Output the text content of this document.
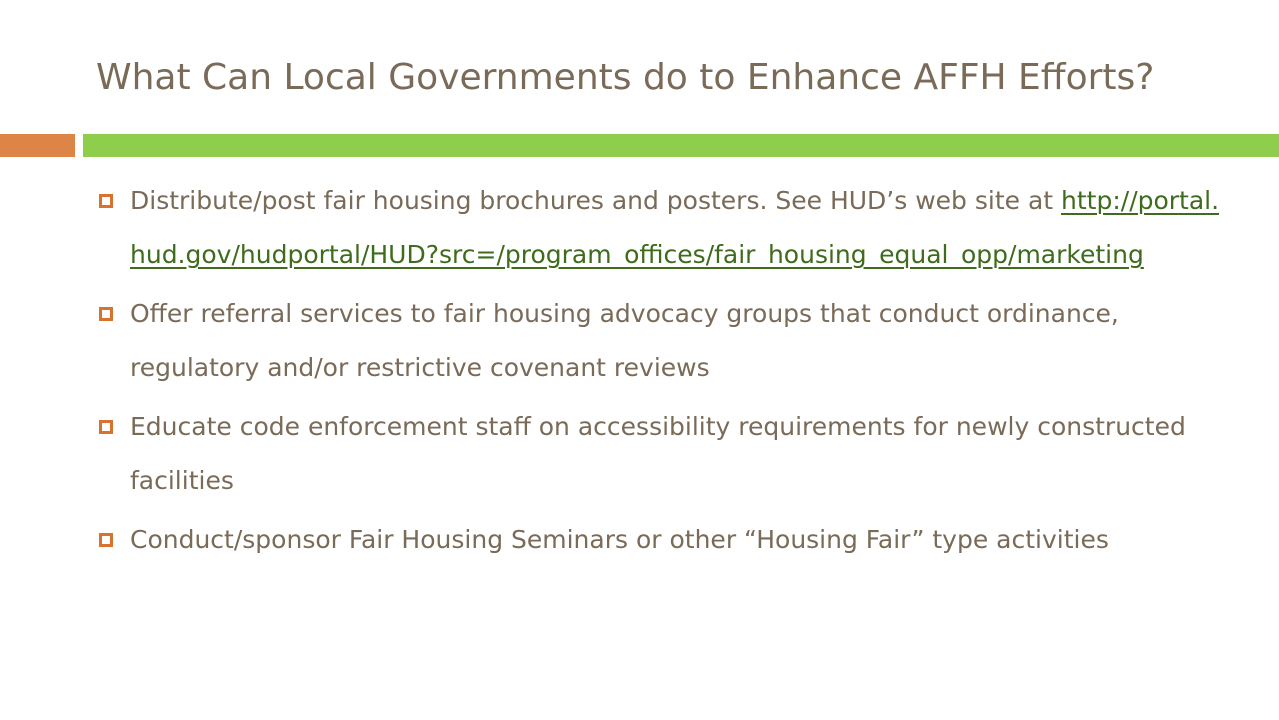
What Can Local Governments do to Enhance AFFH Efforts?
Distribute/post fair housing brochures and posters. See HUD’s web site at http://portal.hud.gov/hudportal/HUD?src=/program_offices/fair_housing_equal_opp/marketing
Offer referral services to fair housing advocacy groups that conduct ordinance, regulatory and/or restrictive covenant reviews
Educate code enforcement staff on accessibility requirements for newly constructed facilities
Conduct/sponsor Fair Housing Seminars or other “Housing Fair” type activities
